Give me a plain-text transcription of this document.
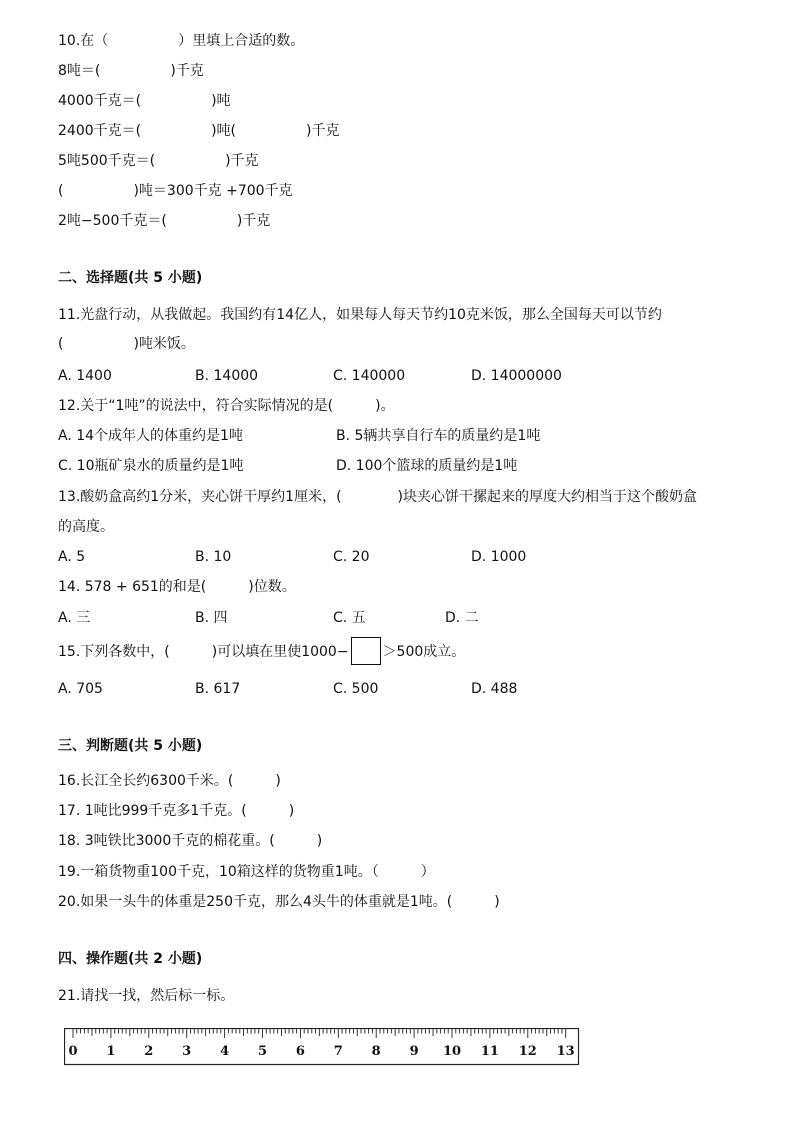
10.在（　　　　　）里填上合适的数。
8吨＝(　　　　　)千克
4000千克＝(　　　　　)吨
2400千克＝(　　　　　)吨(　　　　　)千克
5吨500千克＝(　　　　　)千克
(　　　　　)吨＝300千克 +700千克
2吨−500千克＝(　　　　　)千克
二、选择题(共 5 小题)
11.光盘行动，从我做起。我国约有14亿人，如果每人每天节约10克米饭，那么全国每天可以节约
(　　　　　)吨米饭。
A. 1400	B. 14000	C. 140000	D. 14000000
12.关于“1吨”的说法中，符合实际情况的是(　　　)。
A. 14个成年人的体重约是1吨	B. 5辆共享自行车的质量约是1吨
C. 10瓶矿泉水的质量约是1吨	D. 100个篮球的质量约是1吨
13.酸奶盒高约1分米，夹心饼干厚约1厘米，(　　　　)块夹心饼干摞起来的厚度大约相当于这个酸奶盒
的高度。
A. 5	B. 10	C. 20	D. 1000
14. 578 + 651的和是(　　　)位数。
A. 三	B. 四	C. 五	D. 二
15.下列各数中，(　　　)可以填在里使1000− ＞500成立。
A. 705	B. 617	C. 500	D. 488
三、判断题(共 5 小题)
16.长江全长约6300千米。(　　　)
17. 1吨比999千克多1千克。(　　　)
18. 3吨铁比3000千克的棉花重。(　　　)
19.一箱货物重100千克，10箱这样的货物重1吨。（　　　）
20.如果一头牛的体重是250千克，那么4头牛的体重就是1吨。(　　　)
四、操作题(共 2 小题)
21.请找一找，然后标一标。
0 1 2 3 4 5 6 7 8 9 10 11 12 13
